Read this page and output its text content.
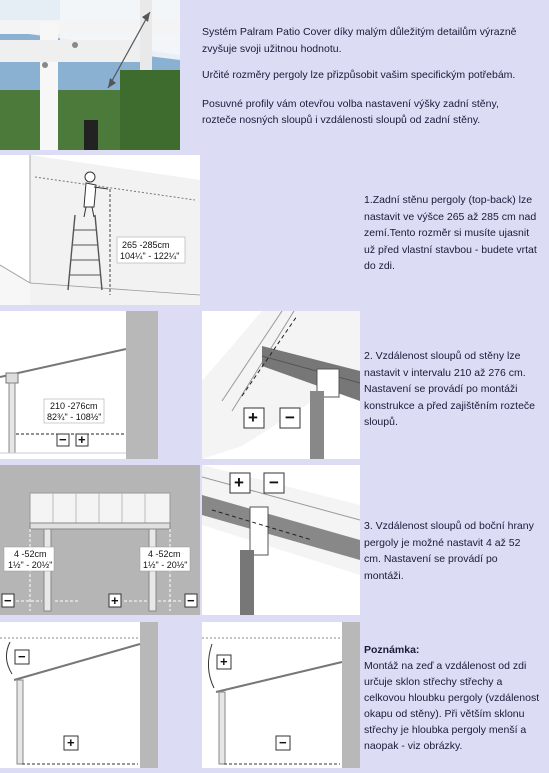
Systém Palram Patio Cover díky malým důležitým detailům výrazně zvyšuje svoji užitnou hodnotu.

Určité rozměry pergoly lze přizpůsobit vašim specifickým potřebám.

Posuvné profily vám otevřou volba nastavení výšky zadní stěny, rozteče nosných sloupů i vzdálenosti sloupů od zadní stěny.

265 -285cm
104¼" - 122¼"
1.Zadní stěnu pergoly (top-back) lze nastavit ve výšce 265 až 285 cm nad zemí.Tento rozměr si musíte ujasnit už před vlastní stavbou - budete vrtat do zdi.
210 -276cm
82¾" - 108½"
− +
+ −
2. Vzdálenost sloupů od stěny lze nastavit v intervalu 210 až 276 cm. Nastavení se provádí po montáži konstrukce a před zajištěním rozteče sloupů.
4 -52cm
1½" - 20½"
4 -52cm
1½" - 20½"
−	+	−
+ −
3. Vzdálenost sloupů od boční hrany pergoly je možné nastavit 4 až 52 cm. Nastavení se provádí po montáži.
−
+
+
−
Poznámka:
Montáž na zeď a vzdálenost od zdi určuje sklon střechy střechy a celkovou hloubku pergoly (vzdálenost okapu od stěny). Při větším sklonu střechy je hloubka pergoly menší a naopak - viz obrázky.
